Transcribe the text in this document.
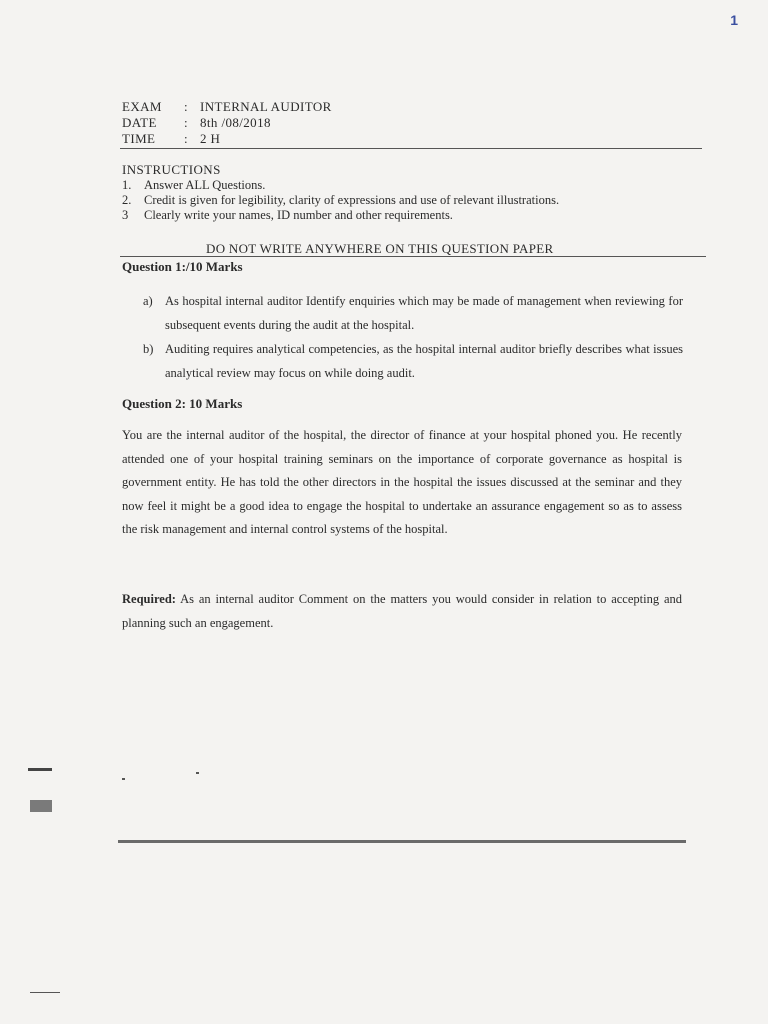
1
EXAM	: INTERNAL AUDITOR
DATE	: 8th /08/2018
TIME	: 2 H
INSTRUCTIONS
1.	Answer ALL Questions.
2.	Credit is given for legibility, clarity of expressions and use of relevant illustrations.
3	Clearly write your names, ID number and other requirements.
DO NOT WRITE ANYWHERE ON THIS QUESTION PAPER
Question 1:/10 Marks
a) As hospital internal auditor Identify enquiries which may be made of management when reviewing for subsequent events during the audit at the hospital.
b) Auditing requires analytical competencies, as the hospital internal auditor briefly describes what issues analytical review may focus on while doing audit.
Question 2: 10 Marks
You are the internal auditor of the hospital, the director of finance at your hospital phoned you. He recently attended one of your hospital training seminars on the importance of corporate governance as hospital is government entity. He has told the other directors in the hospital the issues discussed at the seminar and they now feel it might be a good idea to engage the hospital to undertake an assurance engagement so as to assess the risk management and internal control systems of the hospital.
Required: As an internal auditor Comment on the matters you would consider in relation to accepting and planning such an engagement.
